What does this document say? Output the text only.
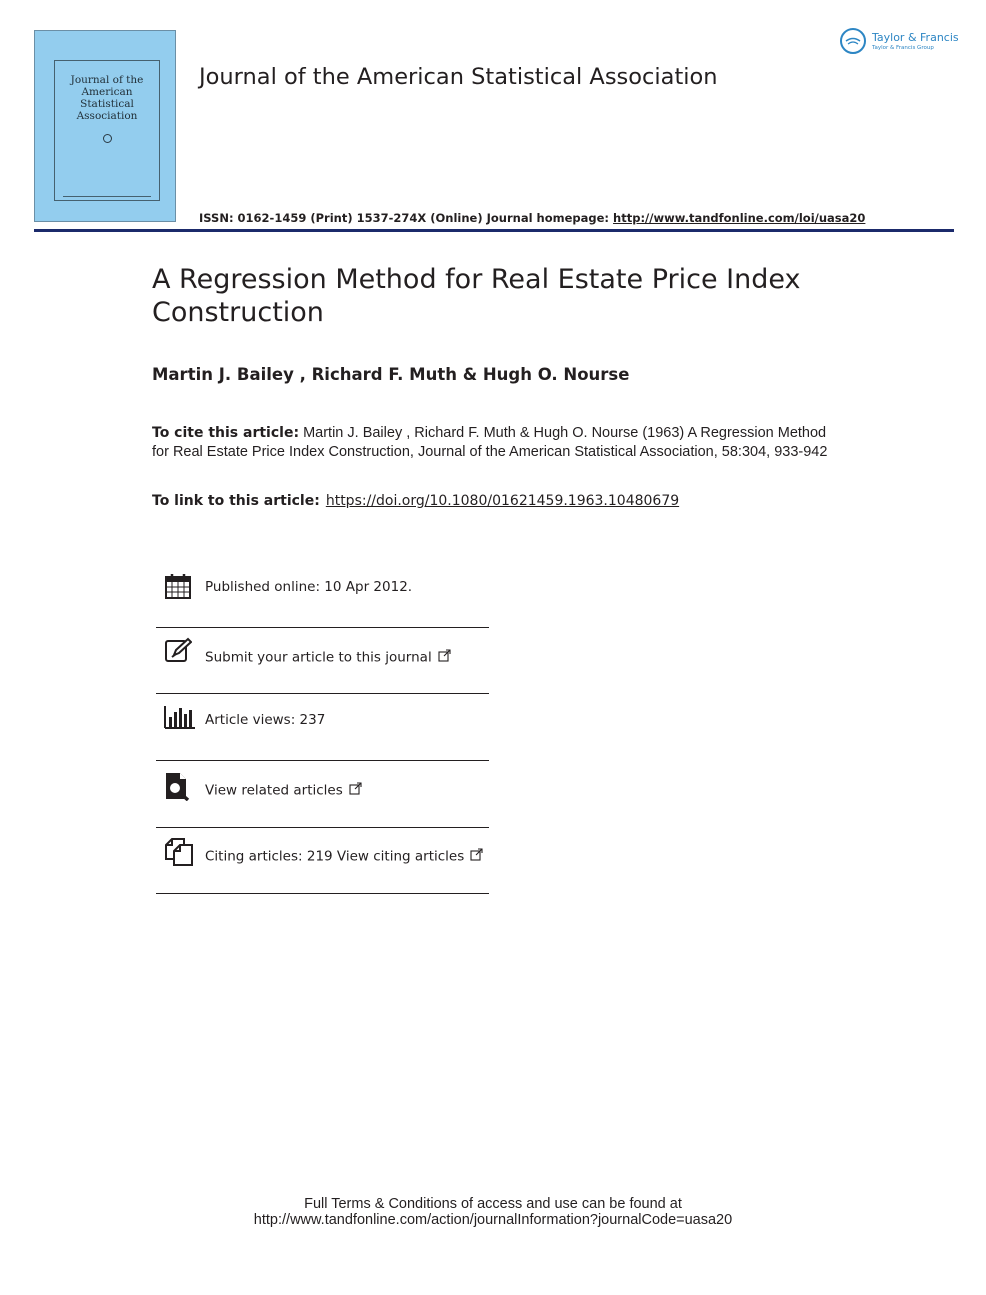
Journal of the
American
Statistical
Association
Journal of the American Statistical Association
Taylor & Francis
Taylor & Francis Group
ISSN: 0162-1459 (Print) 1537-274X (Online) Journal homepage: http://www.tandfonline.com/loi/uasa20
A Regression Method for Real Estate Price Index Construction
Martin J. Bailey , Richard F. Muth & Hugh O. Nourse
To cite this article: Martin J. Bailey , Richard F. Muth & Hugh O. Nourse (1963) A Regression Method for Real Estate Price Index Construction, Journal of the American Statistical Association, 58:304, 933-942
To link to this article: https://doi.org/10.1080/01621459.1963.10480679
Published online: 10 Apr 2012.
Submit your article to this journal
Article views: 237
View related articles
Citing articles: 219 View citing articles
Full Terms & Conditions of access and use can be found at
http://www.tandfonline.com/action/journalInformation?journalCode=uasa20
